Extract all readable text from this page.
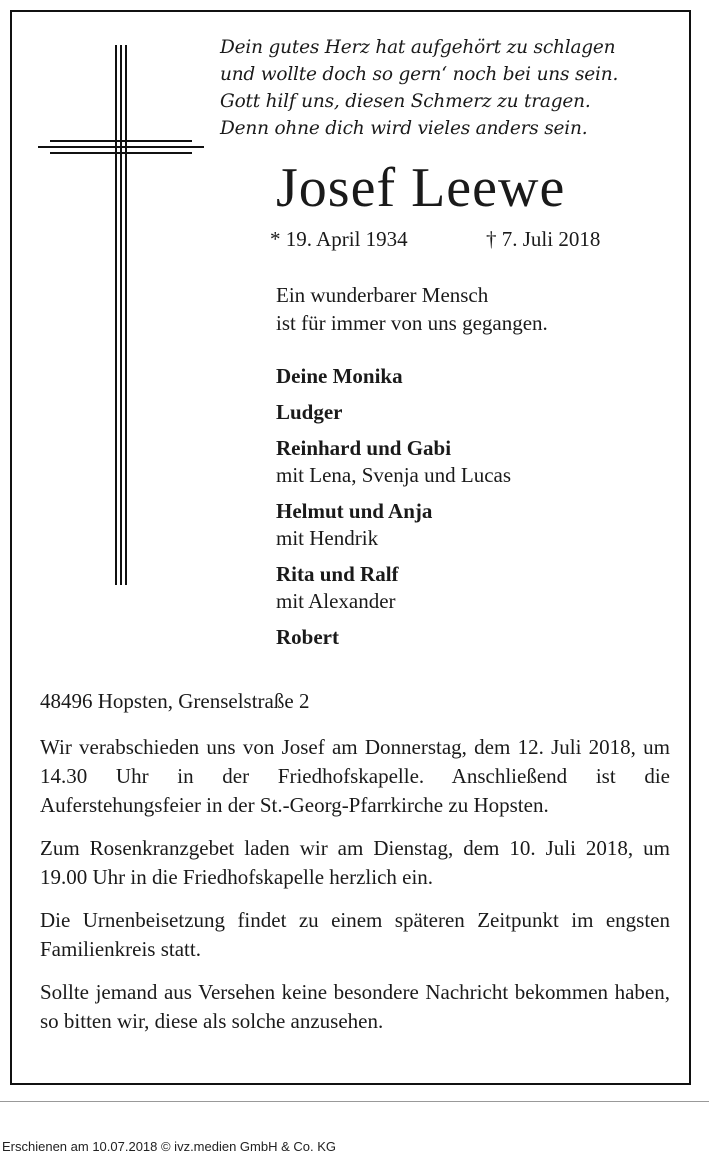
Dein gutes Herz hat aufgehört zu schlagen
und wollte doch so gern‘ noch bei uns sein.
Gott hilf uns, diesen Schmerz zu tragen.
Denn ohne dich wird vieles anders sein.
Josef Leewe
* 19. April 1934	† 7. Juli 2018
Ein wunderbarer Mensch
ist für immer von uns gegangen.
Deine Monika
Ludger
Reinhard und Gabi
mit Lena, Svenja und Lucas
Helmut und Anja
mit Hendrik
Rita und Ralf
mit Alexander
Robert
48496 Hopsten, Grenselstraße 2

Wir verabschieden uns von Josef am Donnerstag, dem 12. Juli 2018, um 14.30 Uhr in der Friedhofskapelle. Anschließend ist die Auferstehungsfeier in der St.-Georg-Pfarrkirche zu Hopsten.

Zum Rosenkranzgebet laden wir am Dienstag, dem 10. Juli 2018, um 19.00 Uhr in die Friedhofskapelle herzlich ein.

Die Urnenbeisetzung findet zu einem späteren Zeitpunkt im engsten Familienkreis statt.

Sollte jemand aus Versehen keine besondere Nachricht bekommen haben, so bitten wir, diese als solche anzusehen.

Erschienen am 10.07.2018 © ivz.medien GmbH & Co. KG
